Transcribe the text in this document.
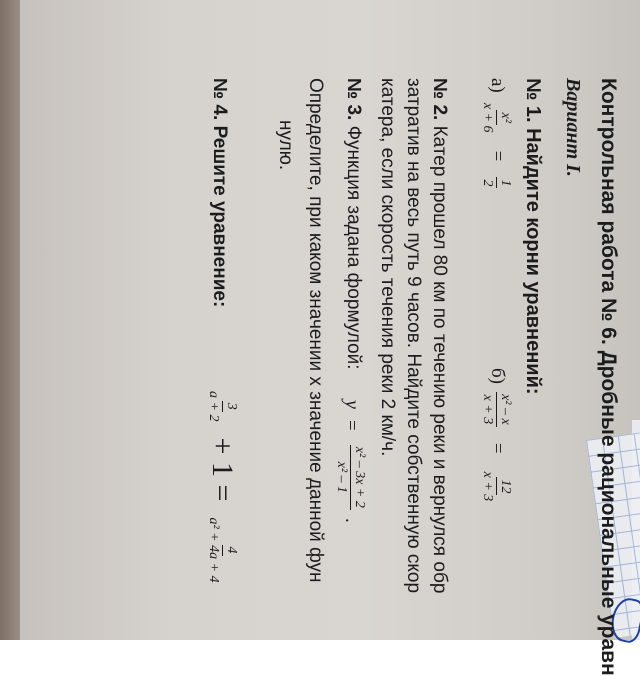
Контрольная работа № 6. Дробные рациональные уравн
Вариант I.
№ 1. Найдите корни уравнений:
а)
x²
x + 6
=
1
2
б)
x² – x
x + 3
=
12
x + 3
№ 2. Катер прошел 80 км по течению реки и вернулся обр
затратив на весь путь 9 часов. Найдите собственную скор
катера, если скорость течения реки 2 км/ч.
№ 3. Функция задана формулой:
y =
x² – 3x + 2
x² – 1
.
Определите, при каком значении x значение данной фун
нулю.
№ 4. Решите уравнение:
3
a + 2
+ 1 =
4
a² + 4a + 4
